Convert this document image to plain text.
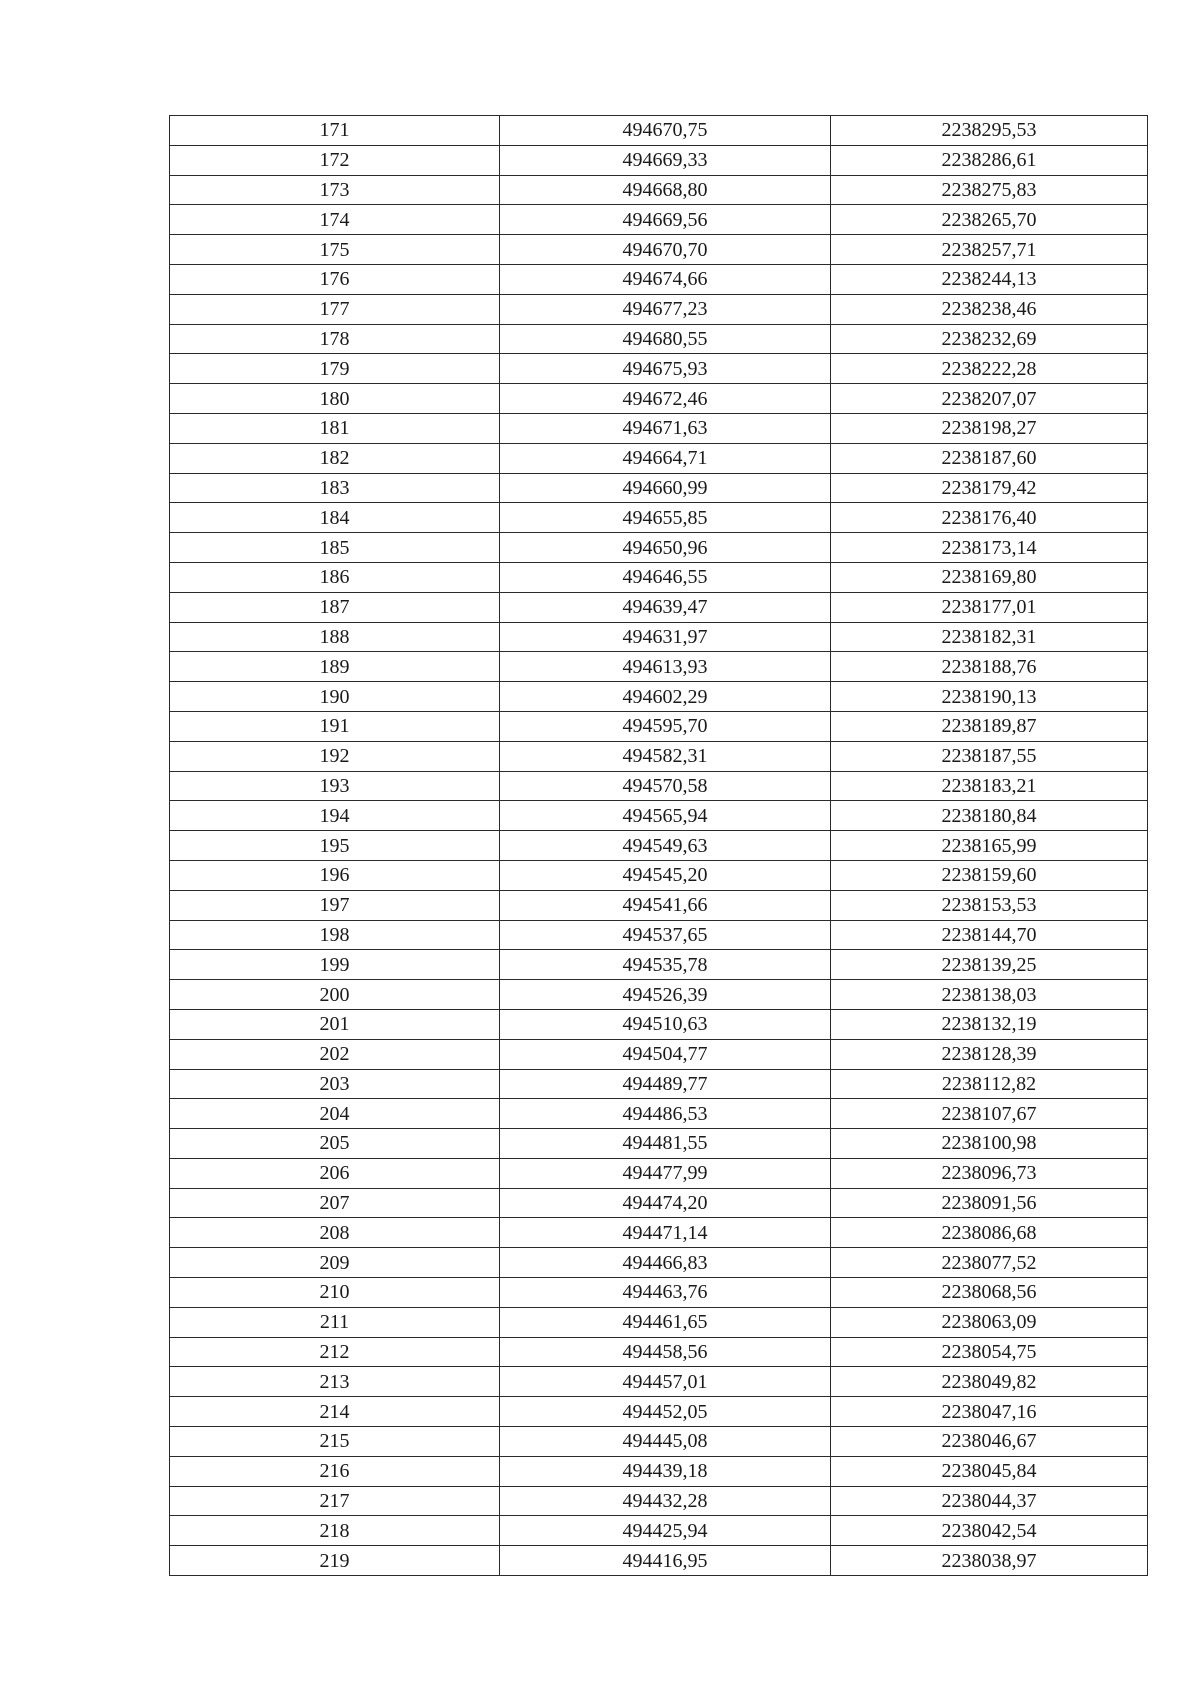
171	494670,75	2238295,53
172	494669,33	2238286,61
173	494668,80	2238275,83
174	494669,56	2238265,70
175	494670,70	2238257,71
176	494674,66	2238244,13
177	494677,23	2238238,46
178	494680,55	2238232,69
179	494675,93	2238222,28
180	494672,46	2238207,07
181	494671,63	2238198,27
182	494664,71	2238187,60
183	494660,99	2238179,42
184	494655,85	2238176,40
185	494650,96	2238173,14
186	494646,55	2238169,80
187	494639,47	2238177,01
188	494631,97	2238182,31
189	494613,93	2238188,76
190	494602,29	2238190,13
191	494595,70	2238189,87
192	494582,31	2238187,55
193	494570,58	2238183,21
194	494565,94	2238180,84
195	494549,63	2238165,99
196	494545,20	2238159,60
197	494541,66	2238153,53
198	494537,65	2238144,70
199	494535,78	2238139,25
200	494526,39	2238138,03
201	494510,63	2238132,19
202	494504,77	2238128,39
203	494489,77	2238112,82
204	494486,53	2238107,67
205	494481,55	2238100,98
206	494477,99	2238096,73
207	494474,20	2238091,56
208	494471,14	2238086,68
209	494466,83	2238077,52
210	494463,76	2238068,56
211	494461,65	2238063,09
212	494458,56	2238054,75
213	494457,01	2238049,82
214	494452,05	2238047,16
215	494445,08	2238046,67
216	494439,18	2238045,84
217	494432,28	2238044,37
218	494425,94	2238042,54
219	494416,95	2238038,97
